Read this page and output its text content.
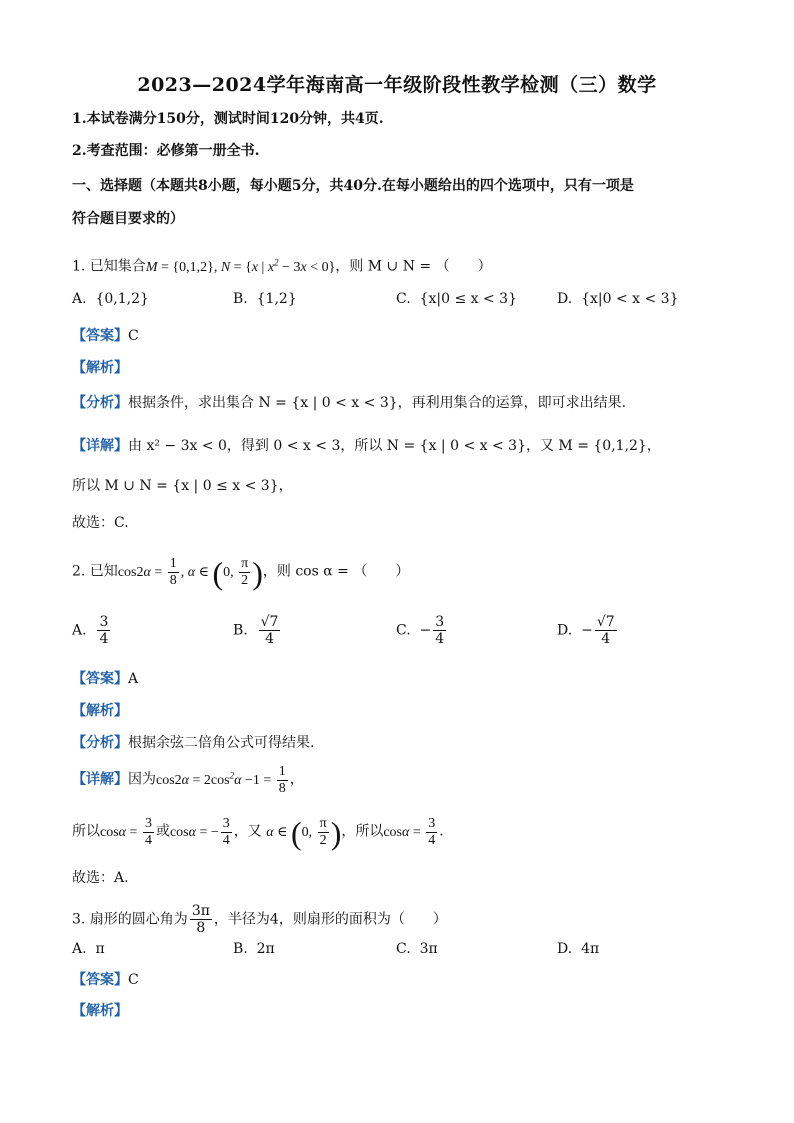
2023—2024学年海南高一年级阶段性教学检测（三）数学
1.本试卷满分150分，测试时间120分钟，共4页.
2.考查范围：必修第一册全书.
一、选择题（本题共8小题，每小题5分，共40分.在每小题给出的四个选项中，只有一项是
符合题目要求的）
1. 已知集合M = {0,1,2}, N = {x | $x^2 - 3x < 0$}，则 M ∪ N = （　　）
A.  {0,1,2}	B.  {1,2}	C.  {x|0 ≤ x < 3}	D.  {x|0 < x < 3}
【答案】C
【解析】
【分析】根据条件，求出集合 N = {x | 0 < x < 3}，再利用集合的运算，即可求出结果.
【详解】由 x² − 3x < 0，得到 0 < x < 3，所以 N = {x | 0 < x < 3}，又 M = {0,1,2}，
所以 M ∪ N = {x | 0 ≤ x < 3}，
故选：C.
2. 已知$\cos 2\alpha = \frac{1}{8}$ , α ∈ (0, $\frac{\pi}{2}$ )，则 cos α = （　　）
A. $\frac{3}{4}$	B. $\frac{√7}{4}$	C.  − $\frac{3}{4}$	D.  − $\frac{√7}{4}$
【答案】A
【解析】
【分析】根据余弦二倍角公式可得结果.
【详解】因为$\cos 2\alpha = 2\cos^2\alpha -1 = \frac{1}{8}$ ，
所以$\cos\alpha = \frac{3}{4}$ 或cosα = − $\frac{3}{4}$ ，又 α ∈ (0, $\frac{\pi}{2}$ )，所以$\cos\alpha = \frac{3}{4}$ .
故选：A.
3. 扇形的圆心角为 $\frac{3\pi}{8}$ ，半径为4，则扇形的面积为（　　）
A.  π	B.  2π	C.  3π	D.  4π
【答案】C
【解析】
